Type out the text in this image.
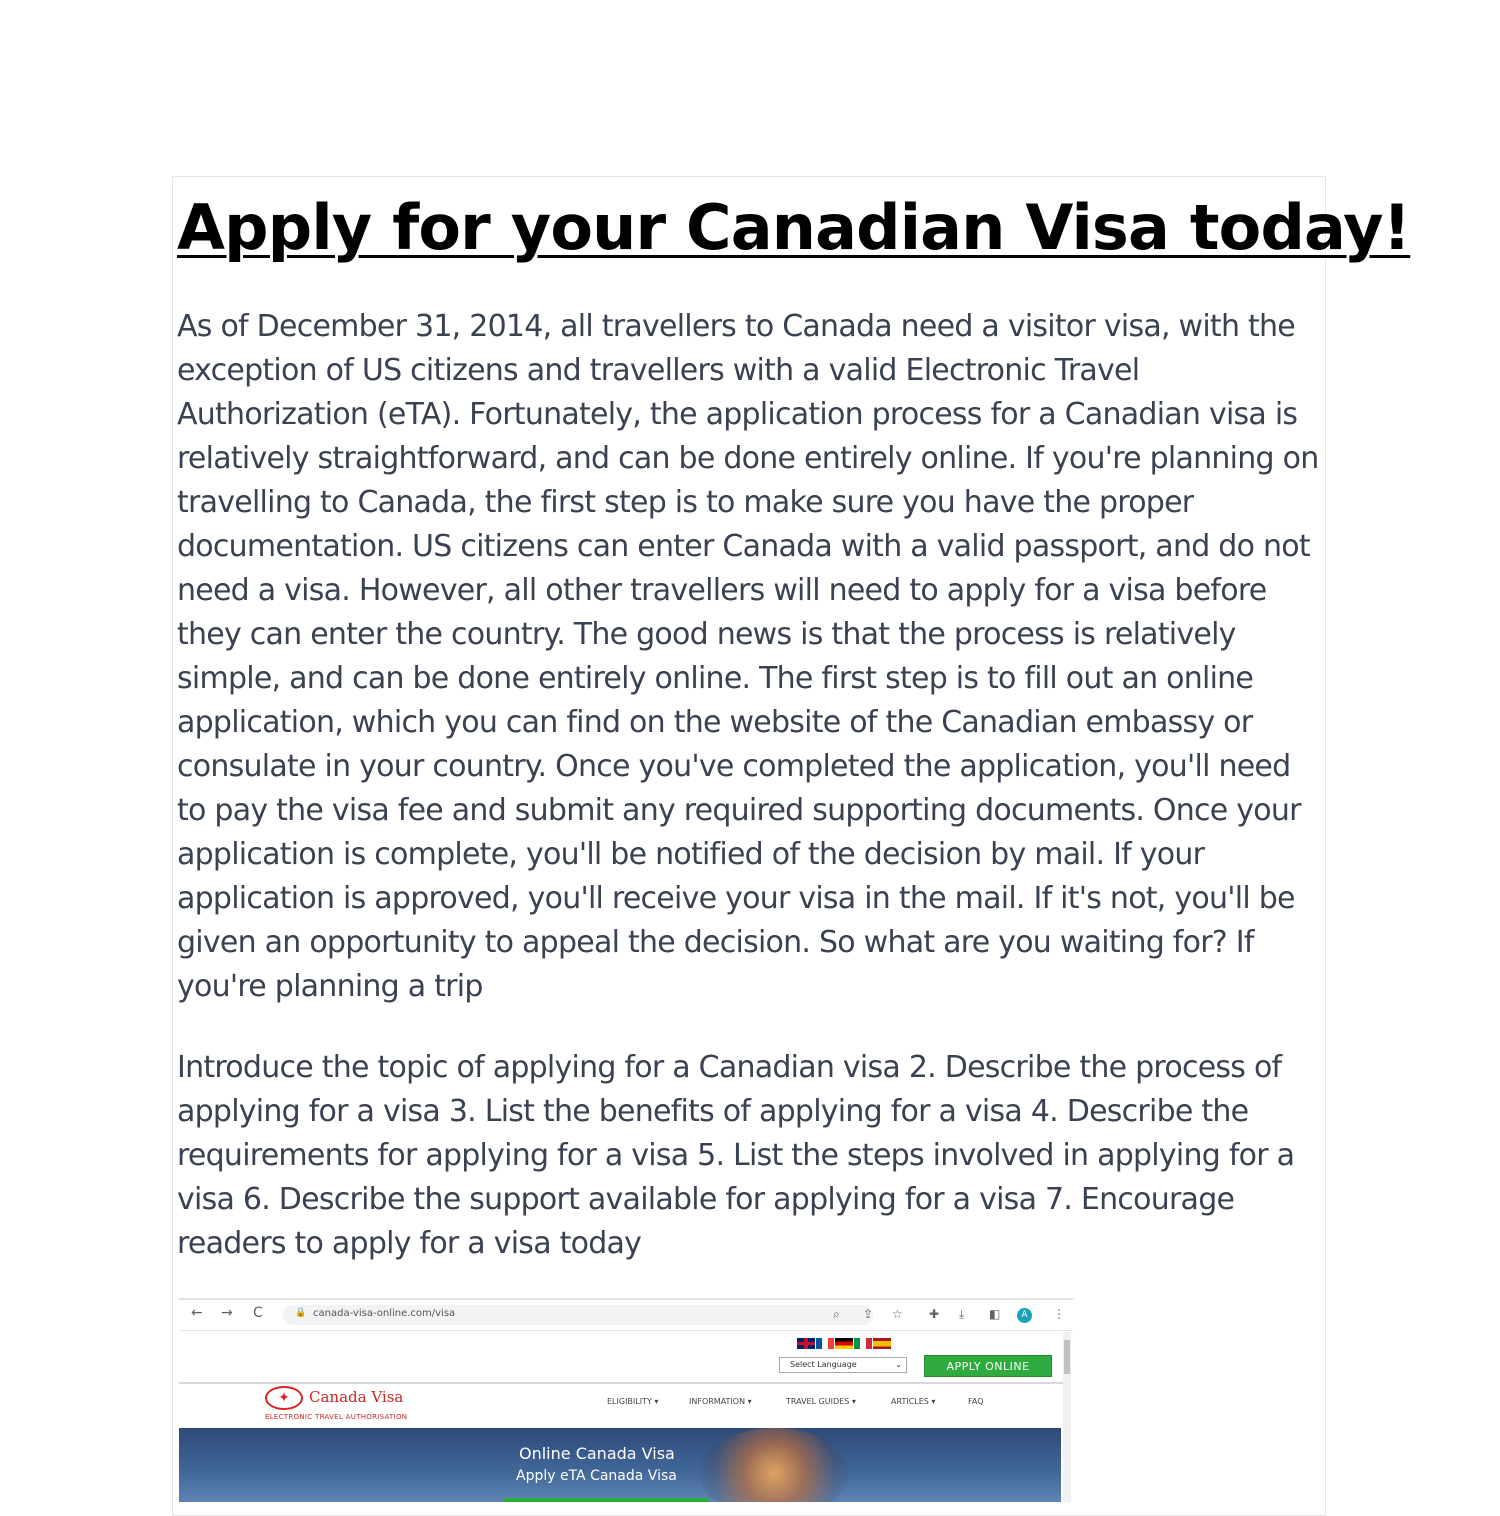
Apply for your Canadian Visa today!

As of December 31, 2014, all travellers to Canada need a visitor visa, with the exception of US citizens and travellers with a valid Electronic Travel Authorization (eTA). Fortunately, the application process for a Canadian visa is relatively straightforward, and can be done entirely online. If you're planning on travelling to Canada, the first step is to make sure you have the proper documentation. US citizens can enter Canada with a valid passport, and do not need a visa. However, all other travellers will need to apply for a visa before they can enter the country. The good news is that the process is relatively simple, and can be done entirely online. The first step is to fill out an online application, which you can find on the website of the Canadian embassy or consulate in your country. Once you've completed the application, you'll need to pay the visa fee and submit any required supporting documents. Once your application is complete, you'll be notified of the decision by mail. If your application is approved, you'll receive your visa in the mail. If it's not, you'll be given an opportunity to appeal the decision. So what are you waiting for? If you're planning a trip

Introduce the topic of applying for a Canadian visa 2. Describe the process of applying for a visa 3. List the benefits of applying for a visa 4. Describe the requirements for applying for a visa 5. List the steps involved in applying for a visa 6. Describe the support available for applying for a visa 7. Encourage readers to apply for a visa today

← → C	🔒 canada-visa-online.com/visa	⌕ ⇪ ☆ ✚ ⤓ ◧	A	⋮
Select Language	⌄	APPLY ONLINE
✦	Canada Visa
ELECTRONIC TRAVEL AUTHORISATION
ELIGIBILITY ▾	INFORMATION ▾	TRAVEL GUIDES ▾	ARTICLES ▾	FAQ
Online Canada Visa
Apply eTA Canada Visa
